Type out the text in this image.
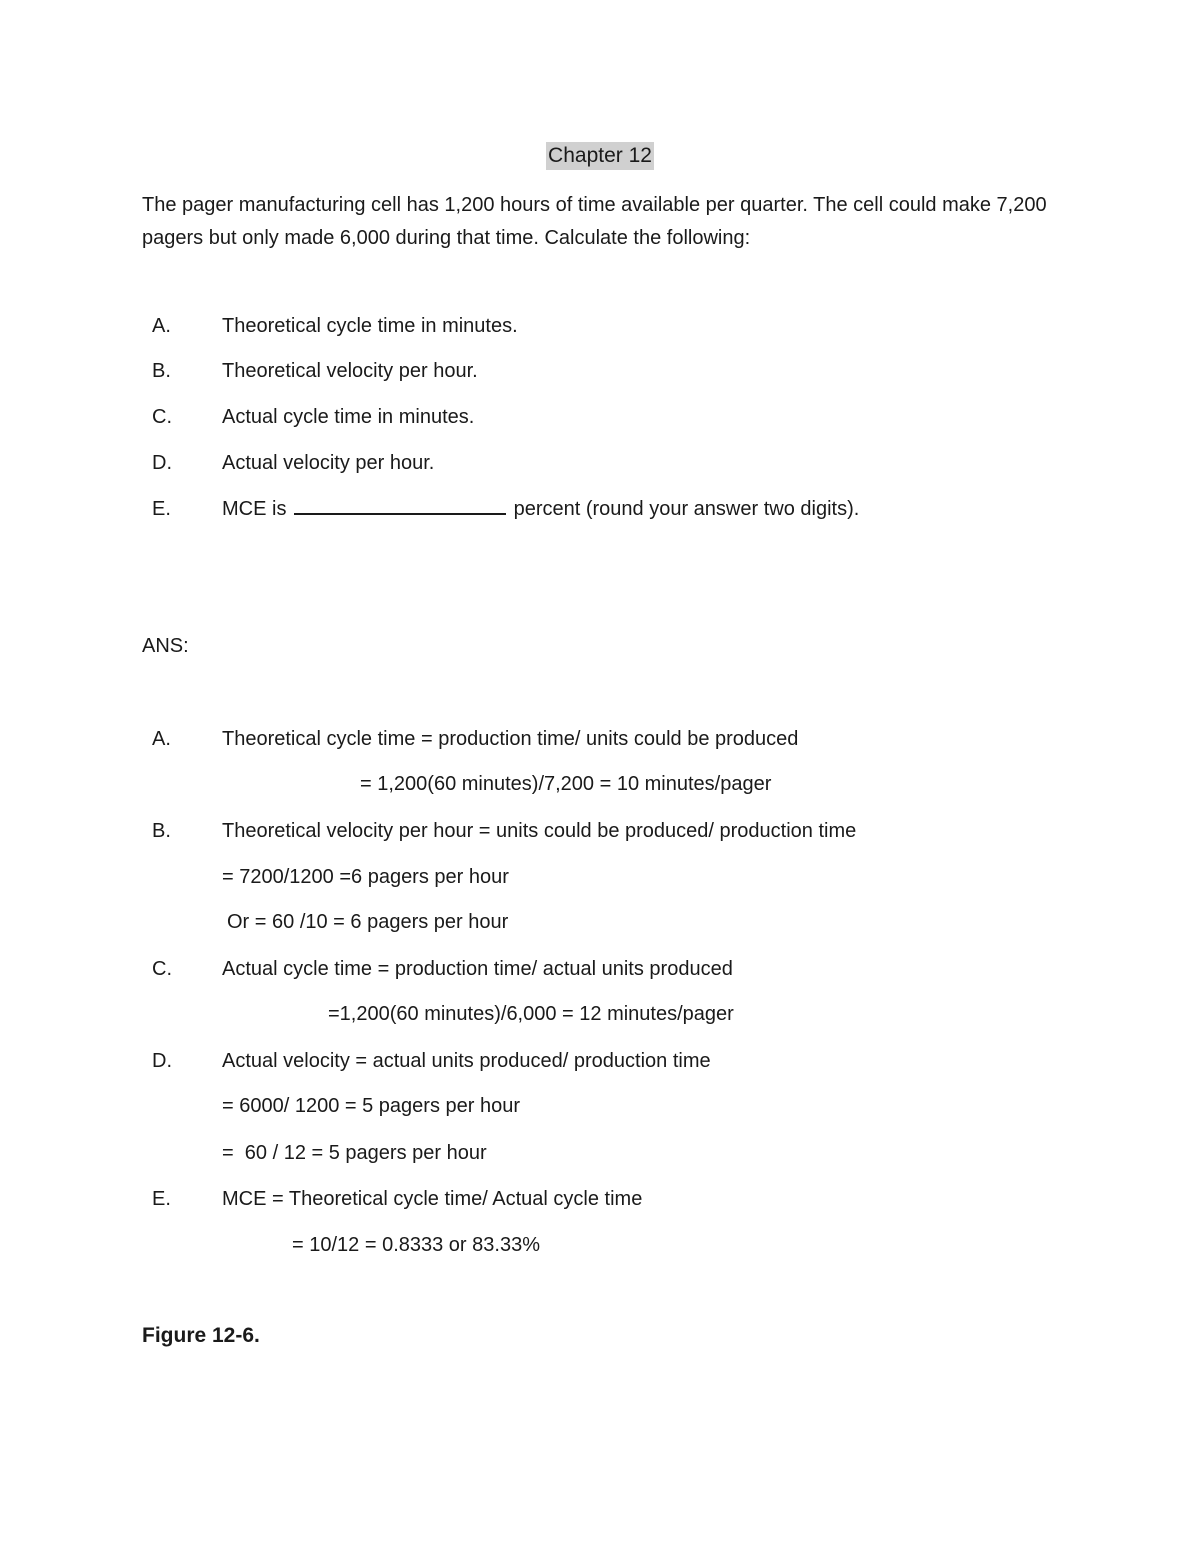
Chapter 12

The pager manufacturing cell has 1,200 hours of time available per quarter. The cell could make 7,200 pagers but only made 6,000 during that time. Calculate the following:

A.	Theoretical cycle time in minutes.
B.	Theoretical velocity per hour.
C.	Actual cycle time in minutes.
D.	Actual velocity per hour.
E.	MCE is	percent (round your answer two digits).
ANS:
A.	Theoretical cycle time = production time/ units could be produced
= 1,200(60 minutes)/7,200 = 10 minutes/pager
B.	Theoretical velocity per hour = units could be produced/ production time
= 7200/1200 =6 pagers per hour
Or = 60 /10 = 6 pagers per hour
C.	Actual cycle time = production time/ actual units produced
=1,200(60 minutes)/6,000 = 12 minutes/pager
D.	Actual velocity = actual units produced/ production time
= 6000/ 1200 = 5 pagers per hour
=  60 / 12 = 5 pagers per hour
E.	MCE = Theoretical cycle time/ Actual cycle time
= 10/12 = 0.8333 or 83.33%
Figure 12-6.
